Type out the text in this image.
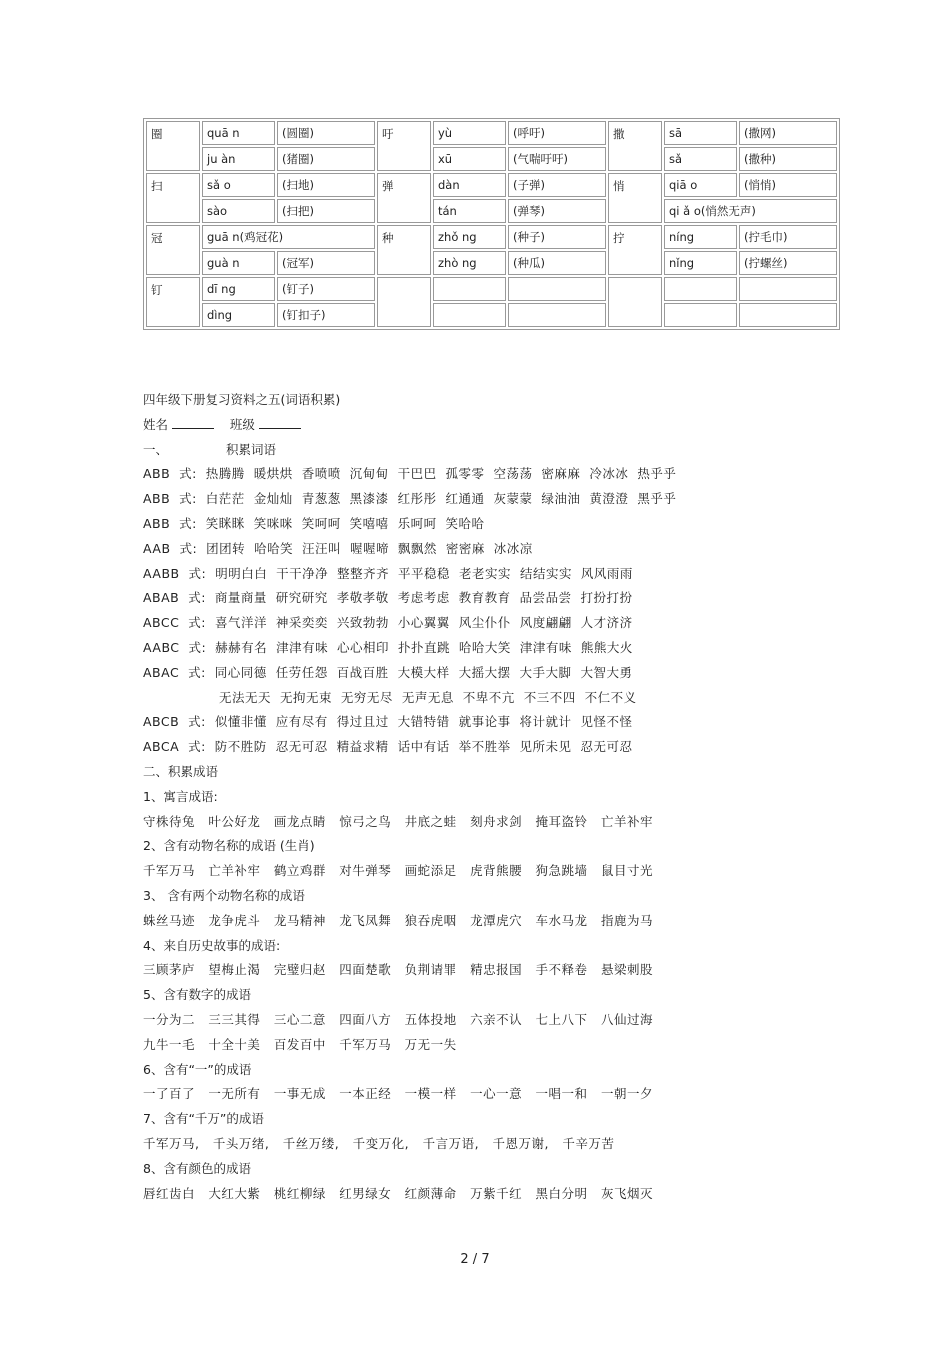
圈	quā n	(圆圈)	吁	yù	(呼吁)	撒	sā	(撒网)
	ju àn	(猪圈)		xū	(气喘吁吁)		sǎ	(撒种)
扫	sǎ o	(扫地)	弹	dàn	(子弹)	悄	qiā o	(悄悄)
	sào	(扫把)		tán	(弹琴)		qi ǎ o(悄然无声)	
冠	guā n(鸡冠花)		种	zhǒ ng	(种子)	拧	níng	(拧毛巾)
	guà n	(冠军)		zhò ng	(种瓜)		nǐng	(拧螺丝)
钉	dī ng	(钉子)						
	dìng	(钉扣子)						
四年级下册复习资料之五(词语积累)
姓名	班级
一、	积累词语
ABB  式:  热腾腾  暖烘烘  香喷喷  沉甸甸  干巴巴  孤零零  空荡荡  密麻麻  冷冰冰  热乎乎
ABB  式:  白茫茫  金灿灿  青葱葱  黑漆漆  红彤彤  红通通  灰蒙蒙  绿油油  黄澄澄  黑乎乎
ABB  式:  笑眯眯  笑咪咪  笑呵呵  笑嘻嘻  乐呵呵  笑哈哈
AAB  式:  团团转  哈哈笑  汪汪叫  喔喔啼  飘飘然  密密麻  冰冰凉
AABB  式:  明明白白  干干净净  整整齐齐  平平稳稳  老老实实  结结实实  风风雨雨
ABAB  式:  商量商量  研究研究  孝敬孝敬  考虑考虑  教育教育  品尝品尝  打扮打扮
ABCC  式:  喜气洋洋  神采奕奕  兴致勃勃  小心翼翼  风尘仆仆  风度翩翩  人才济济
AABC  式:  赫赫有名  津津有味  心心相印  扑扑直跳  哈哈大笑  津津有味  熊熊大火
ABAC  式:  同心同德  任劳任怨  百战百胜  大模大样  大摇大摆  大手大脚  大智大勇
无法无天  无拘无束  无穷无尽  无声无息  不卑不亢  不三不四  不仁不义
ABCB  式:  似懂非懂  应有尽有  得过且过  大错特错  就事论事  将计就计  见怪不怪
ABCA  式:  防不胜防  忍无可忍  精益求精  话中有话  举不胜举  见所未见  忍无可忍
二、积累成语
1、寓言成语:
守株待兔   叶公好龙   画龙点睛   惊弓之鸟   井底之蛙   刻舟求剑   掩耳盗铃   亡羊补牢
2、含有动物名称的成语 (生肖)
千军万马   亡羊补牢   鹤立鸡群   对牛弹琴   画蛇添足   虎背熊腰   狗急跳墙   鼠目寸光
3、 含有两个动物名称的成语
蛛丝马迹   龙争虎斗   龙马精神   龙飞凤舞   狼吞虎咽   龙潭虎穴   车水马龙   指鹿为马
4、来自历史故事的成语:
三顾茅庐   望梅止渴   完璧归赵   四面楚歌   负荆请罪   精忠报国   手不释卷   悬梁刺股
5、含有数字的成语
一分为二   三三其得   三心二意   四面八方   五体投地   六亲不认   七上八下   八仙过海
九牛一毛   十全十美   百发百中   千军万马   万无一失
6、含有“一”的成语
一了百了   一无所有   一事无成   一本正经   一模一样   一心一意   一唱一和   一朝一夕
7、含有“千万”的成语
千军万马,   千头万绪,   千丝万缕,   千变万化,   千言万语,   千恩万谢,   千辛万苦
8、含有颜色的成语
唇红齿白   大红大紫   桃红柳绿   红男绿女   红颜薄命   万紫千红   黑白分明   灰飞烟灭
2 / 7
